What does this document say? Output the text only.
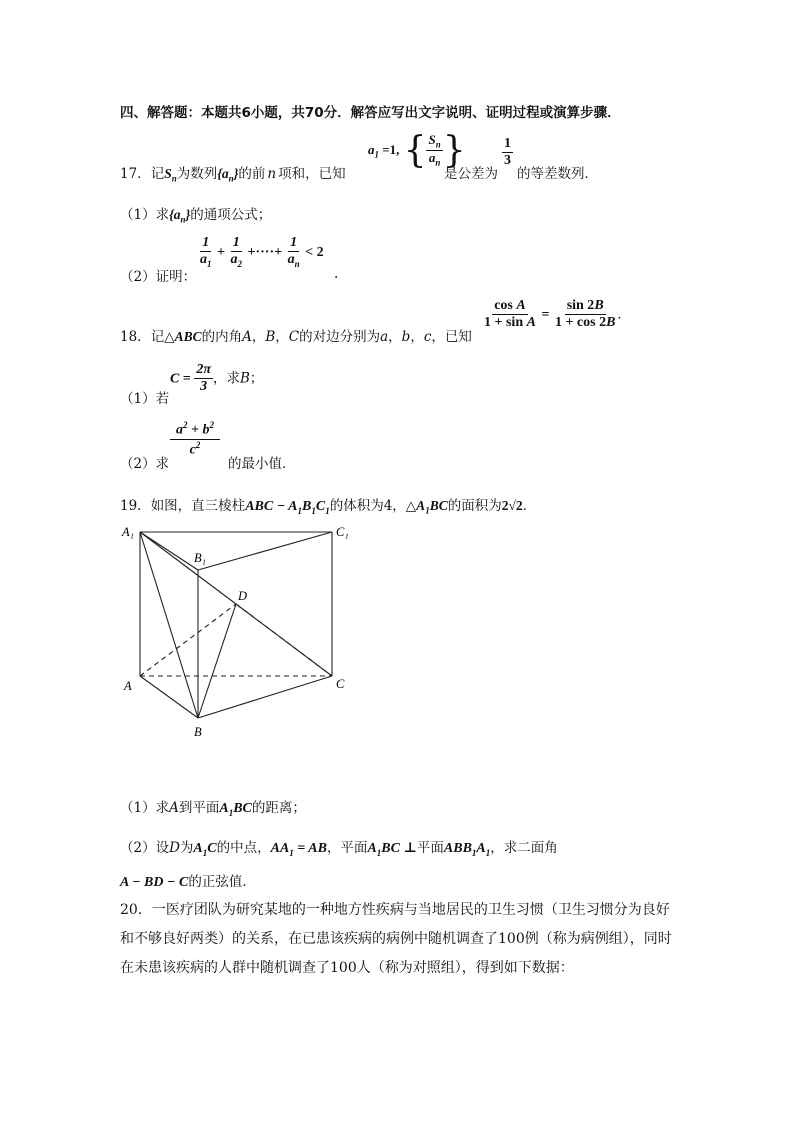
四、解答题：本题共6小题，共70分．解答应写出文字说明、证明过程或演算步骤．
17．记$S_n$为数列$\{a_n\}$的前 n 项和，已知
$a_1 =1$, { $\frac{S_n}{a_n}$ }
是公差为
$\frac{1}{3}$
的等差数列．
（1）求$\{a_n\}$的通项公式；
（2）证明：
$\frac{1}{a_1} + \frac{1}{a_2}$ +····+ $\frac{1}{a_n} < 2$
.
18．记△ABC的内角A，B，C的对边分别为a，b，c，已知
$\frac{\text{cos A}}{\text{1 + sin A}} = \frac{\sin 2B}{1 + \cos 2B}$ ．
（1）若
$C = \frac{2\pi}{3}$ ，求B；
（2）求
$\frac{a^2 + b^2}{c^2}$
的最小值．
19．如图，直三棱柱ABC − $A_1B_1C_1$的体积为4，$\triangle A_1BC$的面积为2√2．
A₁
B₁
C₁
D
A
B
C
（1）求A到平面$A_1BC$的距离；
（2）设D为$A_1C$的中点，$AA_1$ = AB，平面$A_1BC$ ⊥平面$ABB_1A_1$，求二面角
A − BD − C的正弦值．
20．一医疗团队为研究某地的一种地方性疾病与当地居民的卫生习惯（卫生习惯分为良好
和不够良好两类）的关系，在已患该疾病的病例中随机调查了100例（称为病例组），同时
在未患该疾病的人群中随机调查了100人（称为对照组），得到如下数据：
